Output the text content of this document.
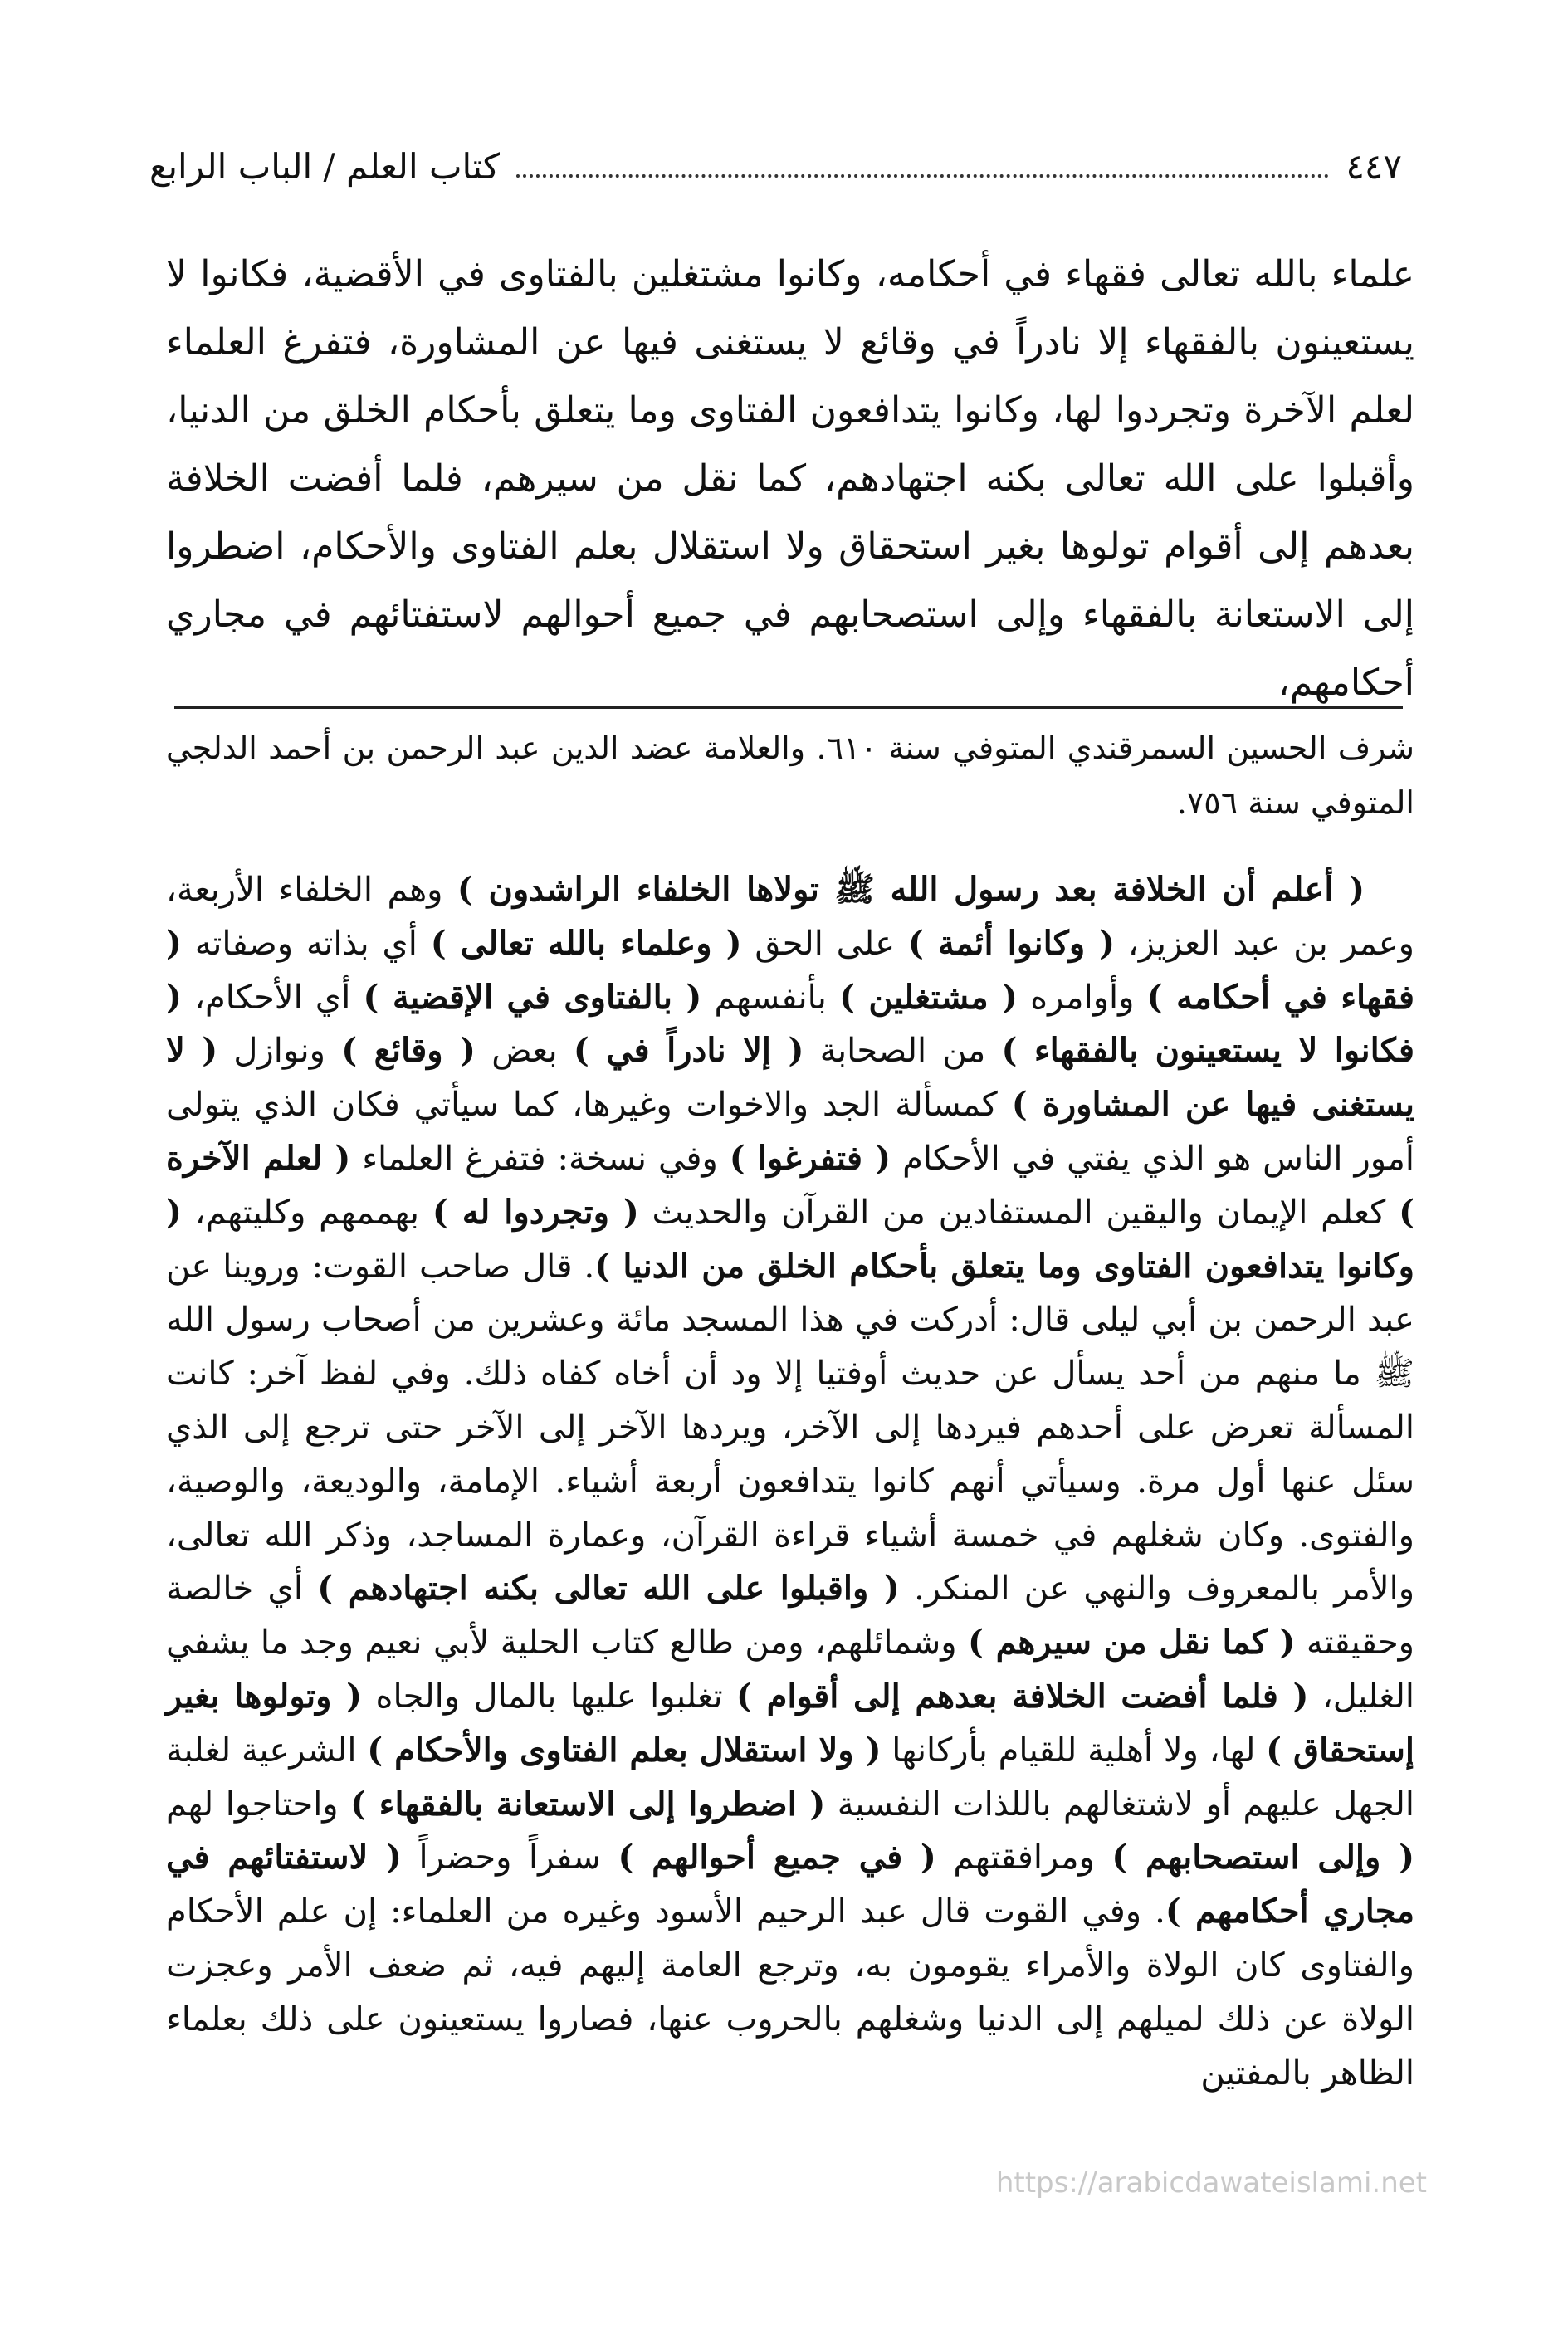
كتاب العلم / الباب الرابع	٤٤٧

علماء بالله تعالى فقهاء في أحكامه، وكانوا مشتغلين بالفتاوى في الأقضية، فكانوا لا يستعينون بالفقهاء إلا نادراً في وقائع لا يستغنى فيها عن المشاورة، فتفرغ العلماء لعلم الآخرة وتجردوا لها، وكانوا يتدافعون الفتاوى وما يتعلق بأحكام الخلق من الدنيا، وأقبلوا على الله تعالى بكنه اجتهادهم، كما نقل من سيرهم، فلما أفضت الخلافة بعدهم إلى أقوام تولوها بغير استحقاق ولا استقلال بعلم الفتاوى والأحكام، اضطروا إلى الاستعانة بالفقهاء وإلى استصحابهم في جميع أحوالهم لاستفتائهم في مجاري أحكامهم،

شرف الحسين السمرقندي المتوفي سنة ٦١٠. والعلامة عضد الدين عبد الرحمن بن أحمد الدلجي المتوفي سنة ٧٥٦.

( أعلم أن الخلافة بعد رسول الله ﷺ تولاها الخلفاء الراشدون ) وهم الخلفاء الأربعة، وعمر بن عبد العزيز، ( وكانوا أئمة ) على الحق ( وعلماء بالله تعالى ) أي بذاته وصفاته ( فقهاء في أحكامه ) وأوامره ( مشتغلين ) بأنفسهم ( بالفتاوى في الإقضية ) أي الأحكام، ( فكانوا لا يستعينون بالفقهاء ) من الصحابة ( إلا نادراً في ) بعض ( وقائع ) ونوازل ( لا يستغنى فيها عن المشاورة ) كمسألة الجد والاخوات وغيرها، كما سيأتي فكان الذي يتولى أمور الناس هو الذي يفتي في الأحكام ( فتفرغوا ) وفي نسخة: فتفرغ العلماء ( لعلم الآخرة ) كعلم الإيمان واليقين المستفادين من القرآن والحديث ( وتجردوا له ) بهممهم وكليتهم، ( وكانوا يتدافعون الفتاوى وما يتعلق بأحكام الخلق من الدنيا ). قال صاحب القوت: وروينا عن عبد الرحمن بن أبي ليلى قال: أدركت في هذا المسجد مائة وعشرين من أصحاب رسول الله ﷺ ما منهم من أحد يسأل عن حديث أوفتيا إلا ود أن أخاه كفاه ذلك. وفي لفظ آخر: كانت المسألة تعرض على أحدهم فيردها إلى الآخر، ويردها الآخر إلى الآخر حتى ترجع إلى الذي سئل عنها أول مرة. وسيأتي أنهم كانوا يتدافعون أربعة أشياء. الإمامة، والوديعة، والوصية، والفتوى. وكان شغلهم في خمسة أشياء قراءة القرآن، وعمارة المساجد، وذكر الله تعالى، والأمر بالمعروف والنهي عن المنكر. ( واقبلوا على الله تعالى بكنه اجتهادهم ) أي خالصة وحقيقته ( كما نقل من سيرهم ) وشمائلهم، ومن طالع كتاب الحلية لأبي نعيم وجد ما يشفي الغليل، ( فلما أفضت الخلافة بعدهم إلى أقوام ) تغلبوا عليها بالمال والجاه ( وتولوها بغير إستحقاق ) لها، ولا أهلية للقيام بأركانها ( ولا استقلال بعلم الفتاوى والأحكام ) الشرعية لغلبة الجهل عليهم أو لاشتغالهم باللذات النفسية ( اضطروا إلى الاستعانة بالفقهاء ) واحتاجوا لهم ( وإلى استصحابهم ) ومرافقتهم ( في جميع أحوالهم ) سفراً وحضراً ( لاستفتائهم في مجاري أحكامهم ). وفي القوت قال عبد الرحيم الأسود وغيره من العلماء: إن علم الأحكام والفتاوى كان الولاة والأمراء يقومون به، وترجع العامة إليهم فيه، ثم ضعف الأمر وعجزت الولاة عن ذلك لميلهم إلى الدنيا وشغلهم بالحروب عنها، فصاروا يستعينون على ذلك بعلماء الظاهر بالمفتين

https://arabicdawateislami.net
